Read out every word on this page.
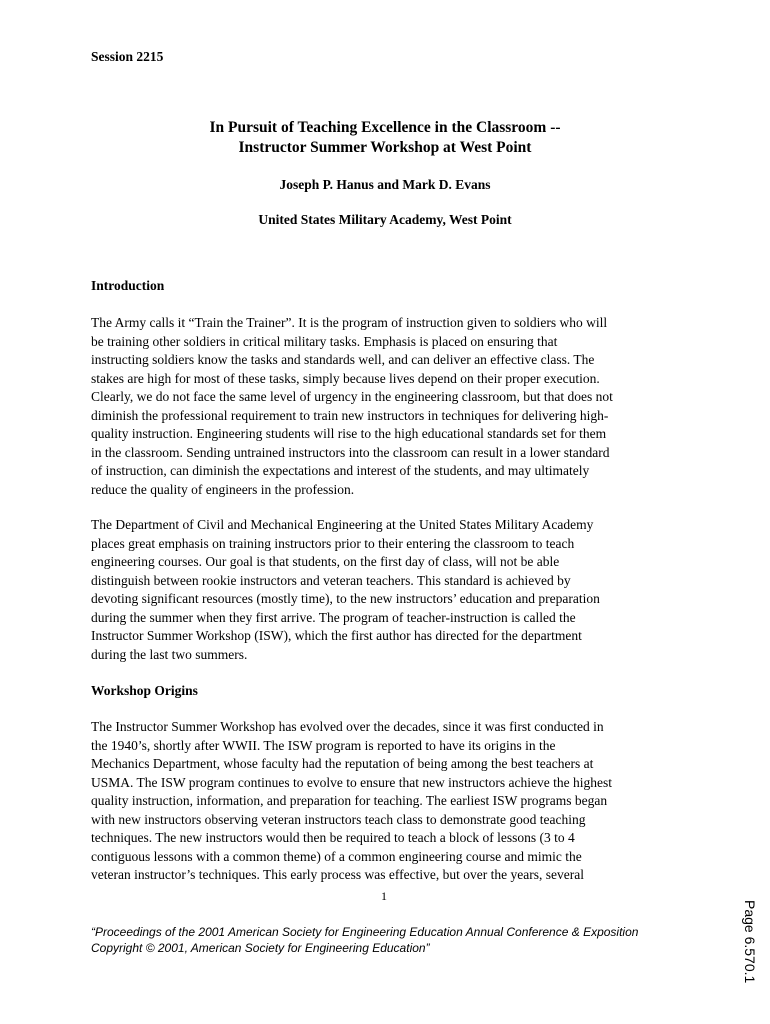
Session 2215
In Pursuit of Teaching Excellence in the Classroom --
Instructor Summer Workshop at West Point
Joseph P. Hanus and Mark D. Evans
United States Military Academy, West Point
Introduction
The Army calls it “Train the Trainer”. It is the program of instruction given to soldiers who will
be training other soldiers in critical military tasks. Emphasis is placed on ensuring that
instructing soldiers know the tasks and standards well, and can deliver an effective class. The
stakes are high for most of these tasks, simply because lives depend on their proper execution.
Clearly, we do not face the same level of urgency in the engineering classroom, but that does not
diminish the professional requirement to train new instructors in techniques for delivering high-
quality instruction. Engineering students will rise to the high educational standards set for them
in the classroom. Sending untrained instructors into the classroom can result in a lower standard
of instruction, can diminish the expectations and interest of the students, and may ultimately
reduce the quality of engineers in the profession.
The Department of Civil and Mechanical Engineering at the United States Military Academy
places great emphasis on training instructors prior to their entering the classroom to teach
engineering courses. Our goal is that students, on the first day of class, will not be able
distinguish between rookie instructors and veteran teachers. This standard is achieved by
devoting significant resources (mostly time), to the new instructors’ education and preparation
during the summer when they first arrive. The program of teacher-instruction is called the
Instructor Summer Workshop (ISW), which the first author has directed for the department
during the last two summers.
Workshop Origins
The Instructor Summer Workshop has evolved over the decades, since it was first conducted in
the 1940’s, shortly after WWII. The ISW program is reported to have its origins in the
Mechanics Department, whose faculty had the reputation of being among the best teachers at
USMA. The ISW program continues to evolve to ensure that new instructors achieve the highest
quality instruction, information, and preparation for teaching. The earliest ISW programs began
with new instructors observing veteran instructors teach class to demonstrate good teaching
techniques. The new instructors would then be required to teach a block of lessons (3 to 4
contiguous lessons with a common theme) of a common engineering course and mimic the
veteran instructor’s techniques. This early process was effective, but over the years, several
1
“Proceedings of the 2001 American Society for Engineering Education Annual Conference & Exposition
Copyright © 2001, American Society for Engineering Education”	Page 6.570.1
